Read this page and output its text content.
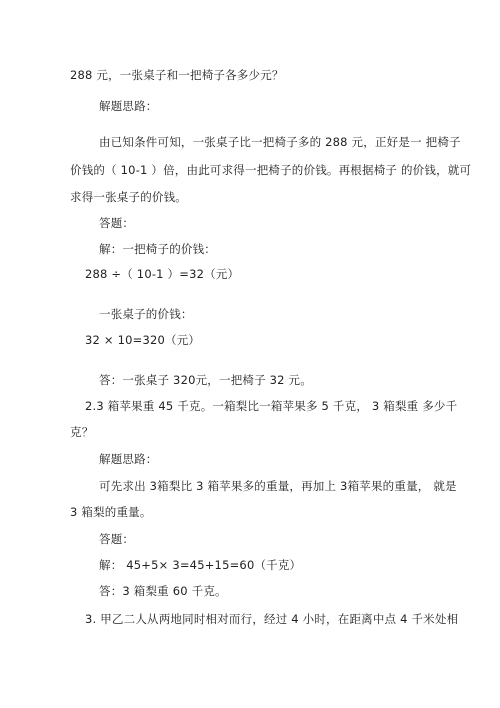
288 元，一张桌子和一把椅子各多少元？
解题思路：
由已知条件可知，一张桌子比一把椅子多的 288 元，正好是一 把椅子
价钱的（ 10-1 ）倍，由此可求得一把椅子的价钱。再根据椅子 的价钱，就可
求得一张桌子的价钱。
答题：
解：一把椅子的价钱：
288 ÷（ 10-1 ）=32（元）
一张桌子的价钱：
32 × 10=320（元）
答：一张桌子 320元，一把椅子 32 元。
2.3 箱苹果重 45 千克。一箱梨比一箱苹果多 5 千克， 3 箱梨重 多少千
克？
解题思路：
可先求出 3箱梨比 3 箱苹果多的重量，再加上 3箱苹果的重量， 就是
3 箱梨的重量。
答题：
解： 45+5× 3=45+15=60（千克）
答：3 箱梨重 60 千克。
3. 甲乙二人从两地同时相对而行，经过 4 小时，在距离中点 4 千米处相
